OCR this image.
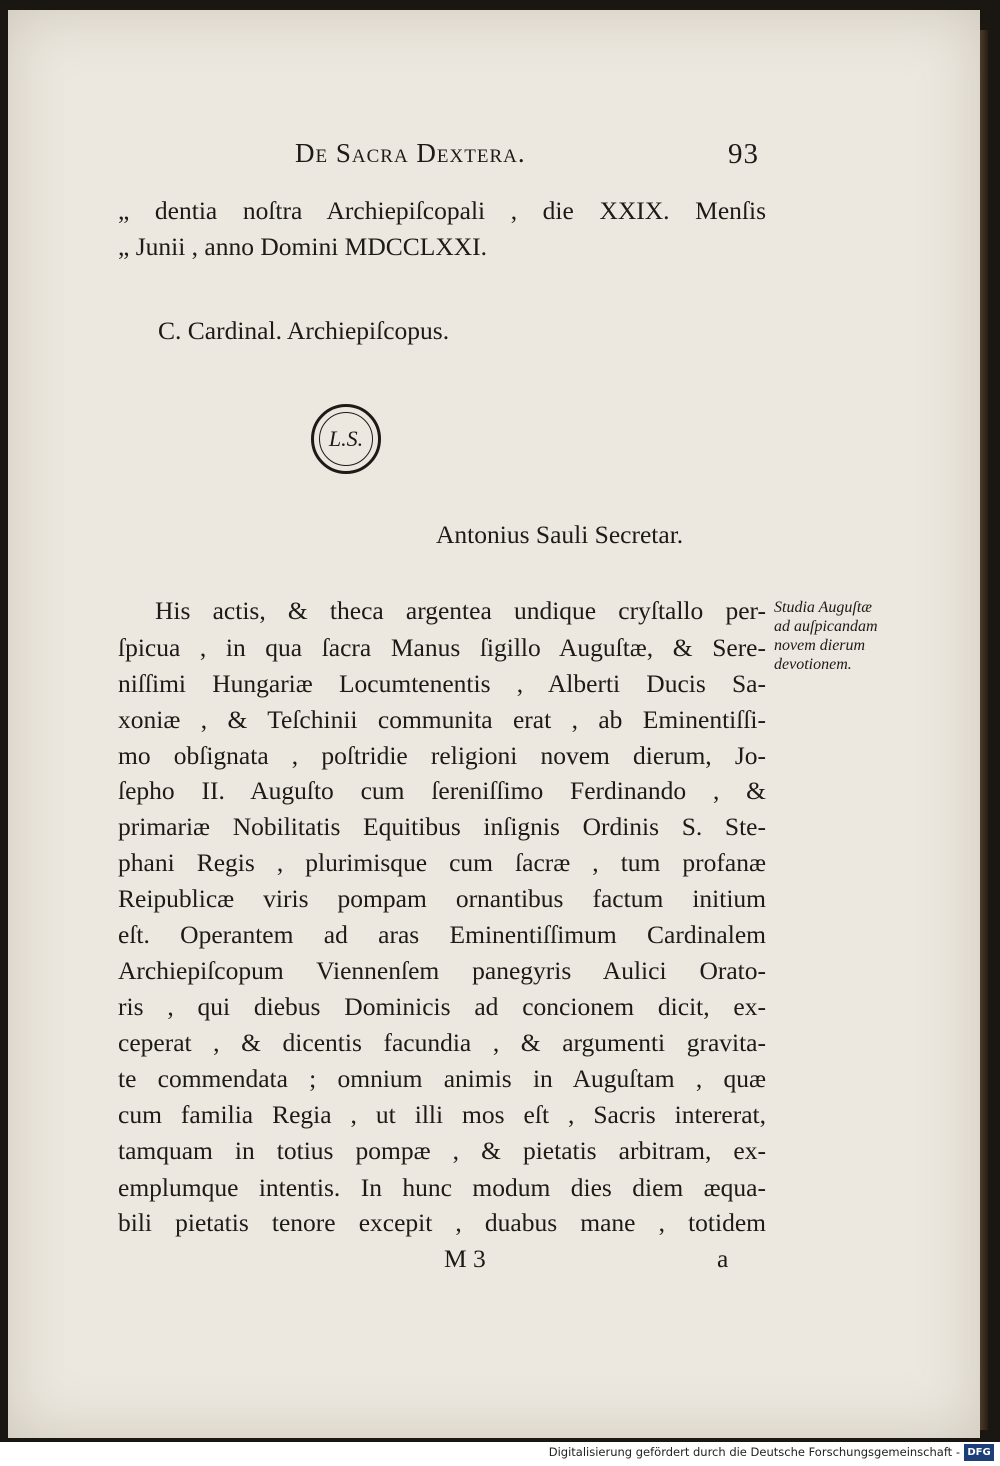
De Sacra Dextera.	93
„ dentia noſtra Archiepiſcopali , die XXIX. Menſis
„ Junii , anno Domini MDCCLXXI.
C. Cardinal. Archiepiſcopus.
L.S.
Antonius Sauli Secretar.
Studia Auguſtæ
ad auſpicandam
novem dierum
devotionem.
His actis, & theca argentea undique cryſtallo per-
ſpicua , in qua ſacra Manus ſigillo Auguſtæ, & Sere-
niſſimi Hungariæ Locumtenentis , Alberti Ducis Sa-
xoniæ , & Teſchinii communita erat , ab Eminentiſſi-
mo obſignata , poſtridie religioni novem dierum, Jo-
ſepho II. Auguſto cum ſereniſſimo Ferdinando , &
primariæ Nobilitatis Equitibus inſignis Ordinis S. Ste-
phani Regis , plurimisque cum ſacræ , tum profanæ
Reipublicæ viris pompam ornantibus factum initium
eſt. Operantem ad aras Eminentiſſimum Cardinalem
Archiepiſcopum Viennenſem panegyris Aulici Orato-
ris , qui diebus Dominicis ad concionem dicit, ex-
ceperat , & dicentis facundia , & argumenti gravita-
te commendata ; omnium animis in Auguſtam , quæ
cum familia Regia , ut illi mos eſt , Sacris intererat,
tamquam in totius pompæ , & pietatis arbitram, ex-
emplumque intentis. In hunc modum dies diem æqua-
bili pietatis tenore excepit , duabus mane , totidem
M 3	a
Digitalisierung gefördert durch die Deutsche Forschungsgemeinschaft - DFG
